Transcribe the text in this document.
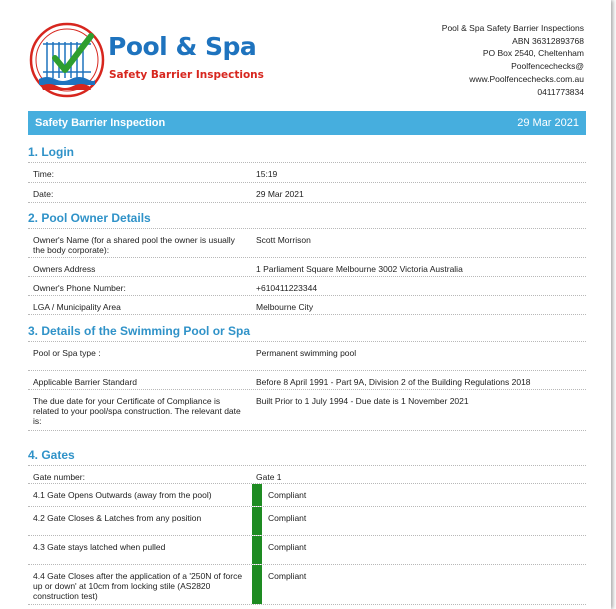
Pool & Spa
Safety Barrier Inspections
Pool & Spa Safety Barrier Inspections
ABN 36312893768
PO Box 2540, Cheltenham
Poolfencechecks@
www.Poolfencechecks.com.au
0411773834
Safety Barrier Inspection	29 Mar 2021
1. Login
Time:	15:19
Date:	29 Mar 2021
2. Pool Owner Details
Owner's Name (for a shared pool the owner is usually the body corporate):
Scott Morrison
Owners Address	1 Parliament Square Melbourne 3002 Victoria Australia
Owner's Phone Number:	+610411223344
LGA / Municipality Area	Melbourne City
3. Details of the Swimming Pool or Spa
Pool or Spa type :	Permanent swimming pool
Applicable Barrier Standard	Before 8 April 1991 - Part 9A, Division 2 of the Building Regulations 2018
The due date for your Certificate of Compliance is related to your pool/spa construction. The relevant date is:
Built Prior to 1 July 1994 - Due date is 1 November 2021
4. Gates
Gate number:	Gate 1
4.1 Gate Opens Outwards (away from the pool)	Compliant
4.2 Gate Closes & Latches from any position	Compliant
4.3 Gate stays latched when pulled	Compliant
4.4 Gate Closes after the application of a '250N of force up or down' at 10cm from locking stile (AS2820 construction test)
Compliant
